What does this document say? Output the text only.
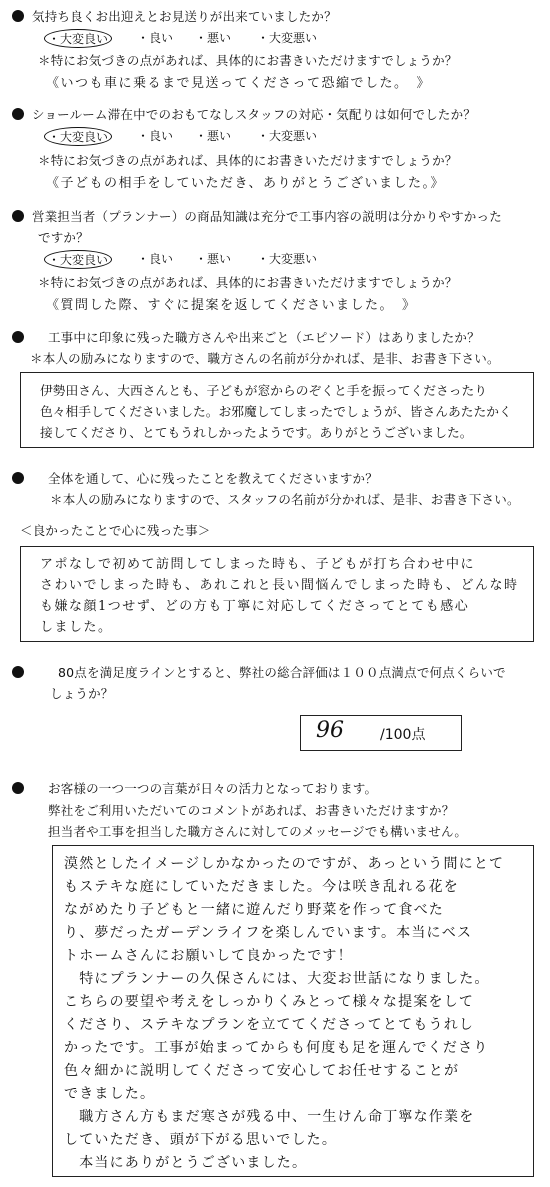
気持ち良くお出迎えとお見送りが出来ていましたか？
・大変良い	・良い ・悪い ・大変悪い
＊特にお気づきの点があれば、具体的にお書きいただけますでしょうか？
《いつも車に乗るまで見送ってくださって恐縮でした。　》
ショールーム滞在中でのおもてなしスタッフの対応・気配りは如何でしたか？
・大変良い	・良い ・悪い ・大変悪い
＊特にお気づきの点があれば、具体的にお書きいただけますでしょうか？
《子どもの相手をしていただき、ありがとうございました。》
営業担当者（プランナー）の商品知識は充分で工事内容の説明は分かりやすかった
ですか？
・大変良い	・良い ・悪い ・大変悪い
＊特にお気づきの点があれば、具体的にお書きいただけますでしょうか？
《質問した際、すぐに提案を返してくださいました。　》
工事中に印象に残った職方さんや出来ごと（エピソード）はありましたか？
＊本人の励みになりますので、職方さんの名前が分かれば、是非、お書き下さい。
伊勢田さん、大西さんとも、子どもが窓からのぞくと手を振ってくださったり
色々相手してくださいました。お邪魔してしまったでしょうが、皆さんあたたかく
接してくださり、とてもうれしかったようです。ありがとうございました。
全体を通して、心に残ったことを教えてくださいますか？
＊本人の励みになりますので、スタッフの名前が分かれば、是非、お書き下さい。
＜良かったことで心に残った事＞
アポなしで初めて訪問してしまった時も、子どもが打ち合わせ中に
さわいでしまった時も、あれこれと長い間悩んでしまった時も、どんな時
も嫌な顔1つせず、どの方も丁寧に対応してくださってとても感心
しました。
80点を満足度ラインとすると、弊社の総合評価は１００点満点で何点くらいで
しょうか？
96	/100点
お客様の一つ一つの言葉が日々の活力となっております。
弊社をご利用いただいてのコメントがあれば、お書きいただけますか？
担当者や工事を担当した職方さんに対してのメッセージでも構いません。
漠然としたイメージしかなかったのですが、あっという間にとて
もステキな庭にしていただきました。今は咲き乱れる花を
ながめたり子どもと一緒に遊んだり野菜を作って食べた
り、夢だったガーデンライフを楽しんでいます。本当にベス
トホームさんにお願いして良かったです！
　特にプランナーの久保さんには、大変お世話になりました。
こちらの要望や考えをしっかりくみとって様々な提案をして
くださり、ステキなプランを立ててくださってとてもうれし
かったです。工事が始まってからも何度も足を運んでくださり
色々細かに説明してくださって安心してお任せすることが
できました。
　職方さん方もまだ寒さが残る中、一生けん命丁寧な作業を
していただき、頭が下がる思いでした。
　本当にありがとうございました。
